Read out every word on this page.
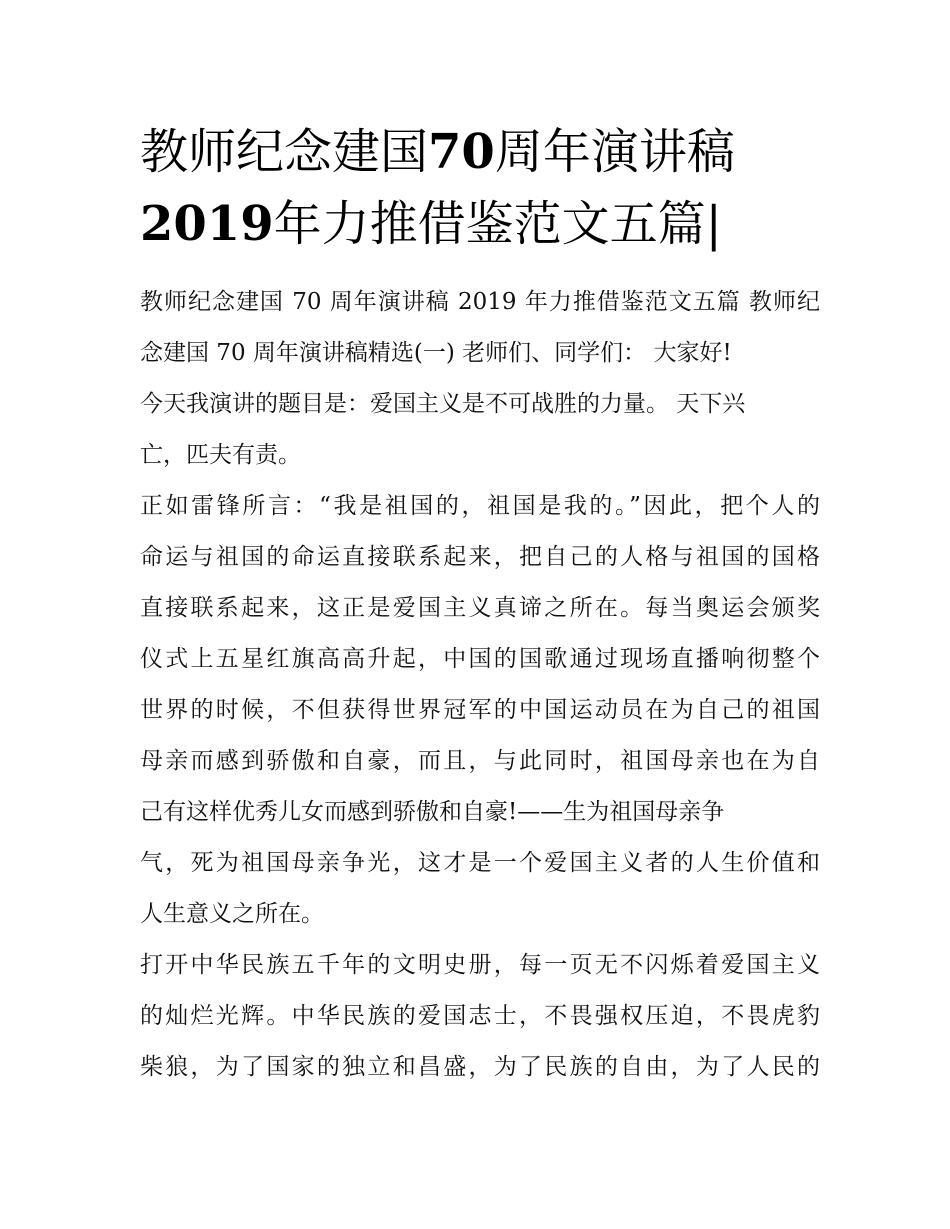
教师纪念建国70周年演讲稿
2019年力推借鉴范文五篇|
教师纪念建国 70 周年演讲稿 2019 年力推借鉴范文五篇 教师纪
念建国 70 周年演讲稿精选(一) 老师们、同学们： 大家好!
今天我演讲的题目是：爱国主义是不可战胜的力量。 天下兴
亡，匹夫有责。
正如雷锋所言：“我是祖国的，祖国是我的。”因此，把个人的
命运与祖国的命运直接联系起来，把自己的人格与祖国的国格
直接联系起来，这正是爱国主义真谛之所在。每当奥运会颁奖
仪式上五星红旗高高升起，中国的国歌通过现场直播响彻整个
世界的时候，不但获得世界冠军的中国运动员在为自己的祖国
母亲而感到骄傲和自豪，而且，与此同时，祖国母亲也在为自
己有这样优秀儿女而感到骄傲和自豪!——生为祖国母亲争
气，死为祖国母亲争光，这才是一个爱国主义者的人生价值和
人生意义之所在。
打开中华民族五千年的文明史册，每一页无不闪烁着爱国主义
的灿烂光辉。中华民族的爱国志士，不畏强权压迫，不畏虎豹
柴狼，为了国家的独立和昌盛，为了民族的自由，为了人民的
